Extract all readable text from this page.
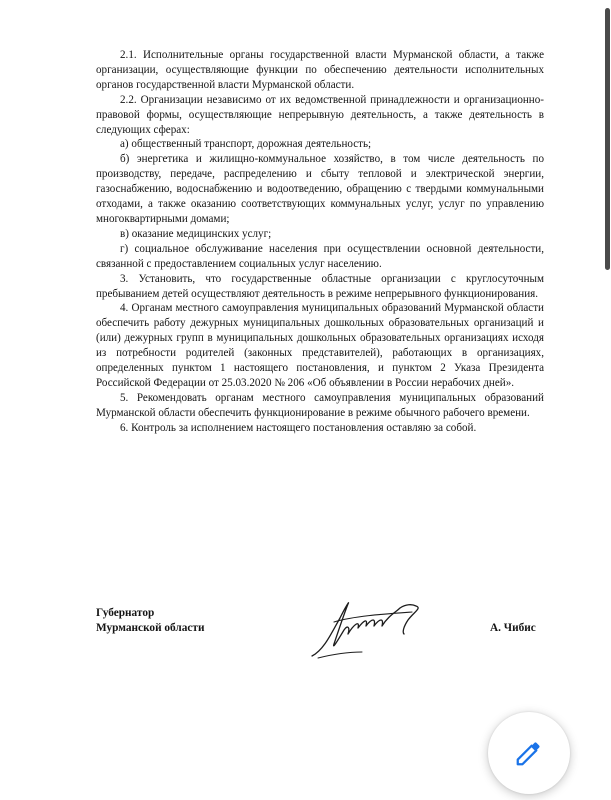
2.1. Исполнительные органы государственной власти Мурманской области, а также организации, осуществляющие функции по обеспечению деятельности исполнительных органов государственной власти Мурманской области.

2.2. Организации независимо от их ведомственной принадлежности и организационно-правовой формы, осуществляющие непрерывную деятельность, а также деятельность в следующих сферах:

а) общественный транспорт, дорожная деятельность;

б) энергетика и жилищно-коммунальное хозяйство, в том числе деятельность по производству, передаче, распределению и сбыту тепловой и электрической энергии, газоснабжению, водоснабжению и водоотведению, обращению с твердыми коммунальными отходами, а также оказанию соответствующих коммунальных услуг, услуг по управлению многоквартирными домами;

в) оказание медицинских услуг;

г) социальное обслуживание населения при осуществлении основной деятельности, связанной с предоставлением социальных услуг населению.

3. Установить, что государственные областные организации с круглосуточным пребыванием детей осуществляют деятельность в режиме непрерывного функционирования.

4. Органам местного самоуправления муниципальных образований Мурманской области обеспечить работу дежурных муниципальных дошкольных образовательных организаций и (или) дежурных групп в муниципальных дошкольных образовательных организациях исходя из потребности родителей (законных представителей), работающих в организациях, определенных пунктом 1 настоящего постановления, и пунктом 2 Указа Президента Российской Федерации от 25.03.2020 № 206 «Об объявлении в России нерабочих дней».

5. Рекомендовать органам местного самоуправления муниципальных образований Мурманской области обеспечить функционирование в режиме обычного рабочего времени.

6. Контроль за исполнением настоящего постановления оставляю за собой.

Губернатор
Мурманской области	А. Чибис
